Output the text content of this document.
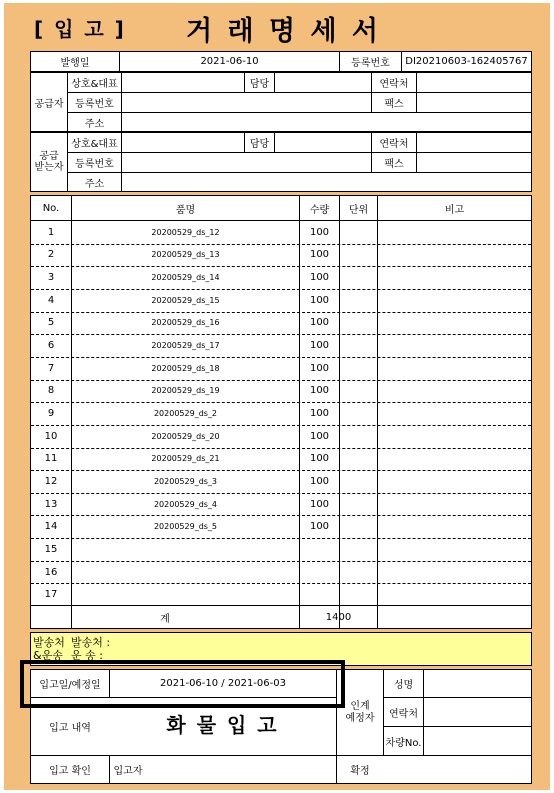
[ 입 고 ] 거 래 명 세 서
발행일	2021-06-10	등록번호	DI20210603-162405767
공급자
상호&대표	담당	연락처
등록번호	팩스
주소
공급
받는자
상호&대표	담당	연락처
등록번호	팩스
주소
No.	품명	수량	단위	비고
1	20200529_ds_12	100
2	20200529_ds_13	100
3	20200529_ds_14	100
4	20200529_ds_15	100
5	20200529_ds_16	100
6	20200529_ds_17	100
7	20200529_ds_18	100
8	20200529_ds_19	100
9	20200529_ds_2	100
10	20200529_ds_20	100
11	20200529_ds_21	100
12	20200529_ds_3	100
13	20200529_ds_4	100
14	20200529_ds_5	100
15
16
17
계	1400
발송처
&운송
발송처 :
운 송 :
입고일/예정일	2021-06-10 / 2021-06-03
입고 내역	화 물 입 고
인계
예정자
성명
연락처
차량No.
입고 확인	입고자	확정
